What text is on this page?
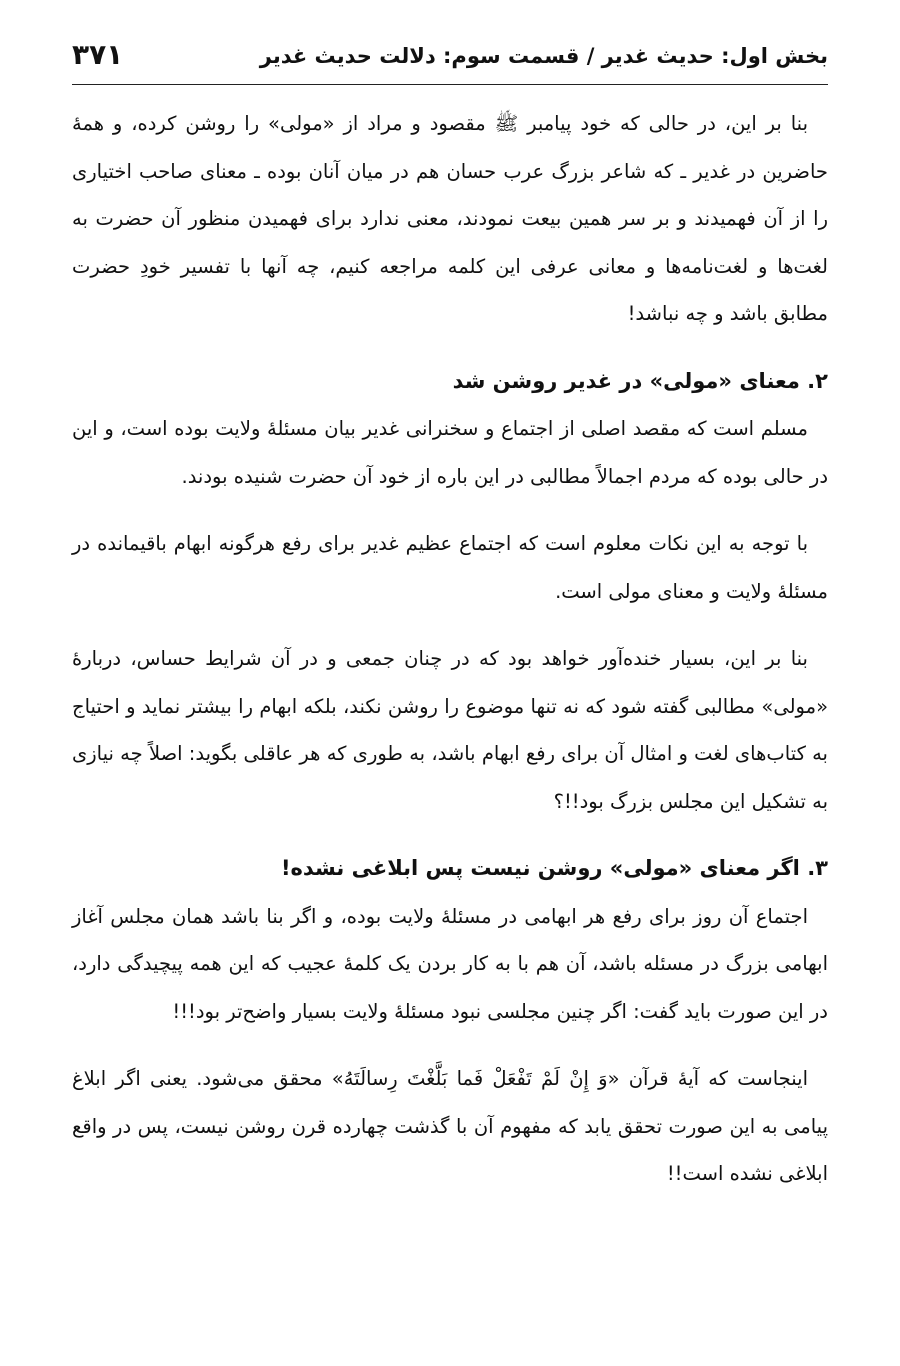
بخش اول: حدیث غدیر / قسمت سوم: دلالت حدیث غدیر
۳۷۱

بنا بر این، در حالی که خود پیامبر ﷺ مقصود و مراد از «مولی» را روشن کرده، و همهٔ حاضرین در غدیر ـ که شاعر بزرگ عرب حسان هم در میان آنان بوده ـ معنای صاحب اختیاری را از آن فهمیدند و بر سر همین بیعت نمودند، معنی ندارد برای فهمیدن منظور آن حضرت به لغت‌ها و لغت‌نامه‌ها و معانی عرفی این کلمه مراجعه کنیم، چه آنها با تفسیر خودِ حضرت مطابق باشد و چه نباشد!

۲. معنای «مولی» در غدیر روشن شد

مسلم است که مقصد اصلی از اجتماع و سخنرانی غدیر بیان مسئلهٔ ولایت بوده است، و این در حالی بوده که مردم اجمالاً مطالبی در این باره از خود آن حضرت شنیده بودند.

با توجه به این نکات معلوم است که اجتماع عظیم غدیر برای رفع هرگونه ابهام باقیمانده در مسئلهٔ ولایت و معنای مولی است.

بنا بر این، بسیار خنده‌آور خواهد بود که در چنان جمعی و در آن شرایط حساس، دربارهٔ «مولی» مطالبی گفته شود که نه تنها موضوع را روشن نکند، بلکه ابهام را بیشتر نماید و احتیاج به کتاب‌های لغت و امثال آن برای رفع ابهام باشد، به طوری که هر عاقلی بگوید: اصلاً چه نیازی به تشکیل این مجلس بزرگ بود!!؟

۳. اگر معنای «مولی» روشن نیست پس ابلاغی نشده!

اجتماع آن روز برای رفع هر ابهامی در مسئلهٔ ولایت بوده، و اگر بنا باشد همان مجلس آغاز ابهامی بزرگ در مسئله باشد، آن هم با به کار بردن یک کلمهٔ عجیب که این همه پیچیدگی دارد، در این صورت باید گفت: اگر چنین مجلسی نبود مسئلهٔ ولایت بسیار واضح‌تر بود!!!

اینجاست که آیهٔ قرآن «وَ إِنْ لَمْ تَفْعَلْ فَما بَلَّغْتَ رِسالَتَهُ» محقق می‌شود. یعنی اگر ابلاغ پیامی به این صورت تحقق یابد که مفهوم آن با گذشت چهارده قرن روشن نیست، پس در واقع ابلاغی نشده است!!
